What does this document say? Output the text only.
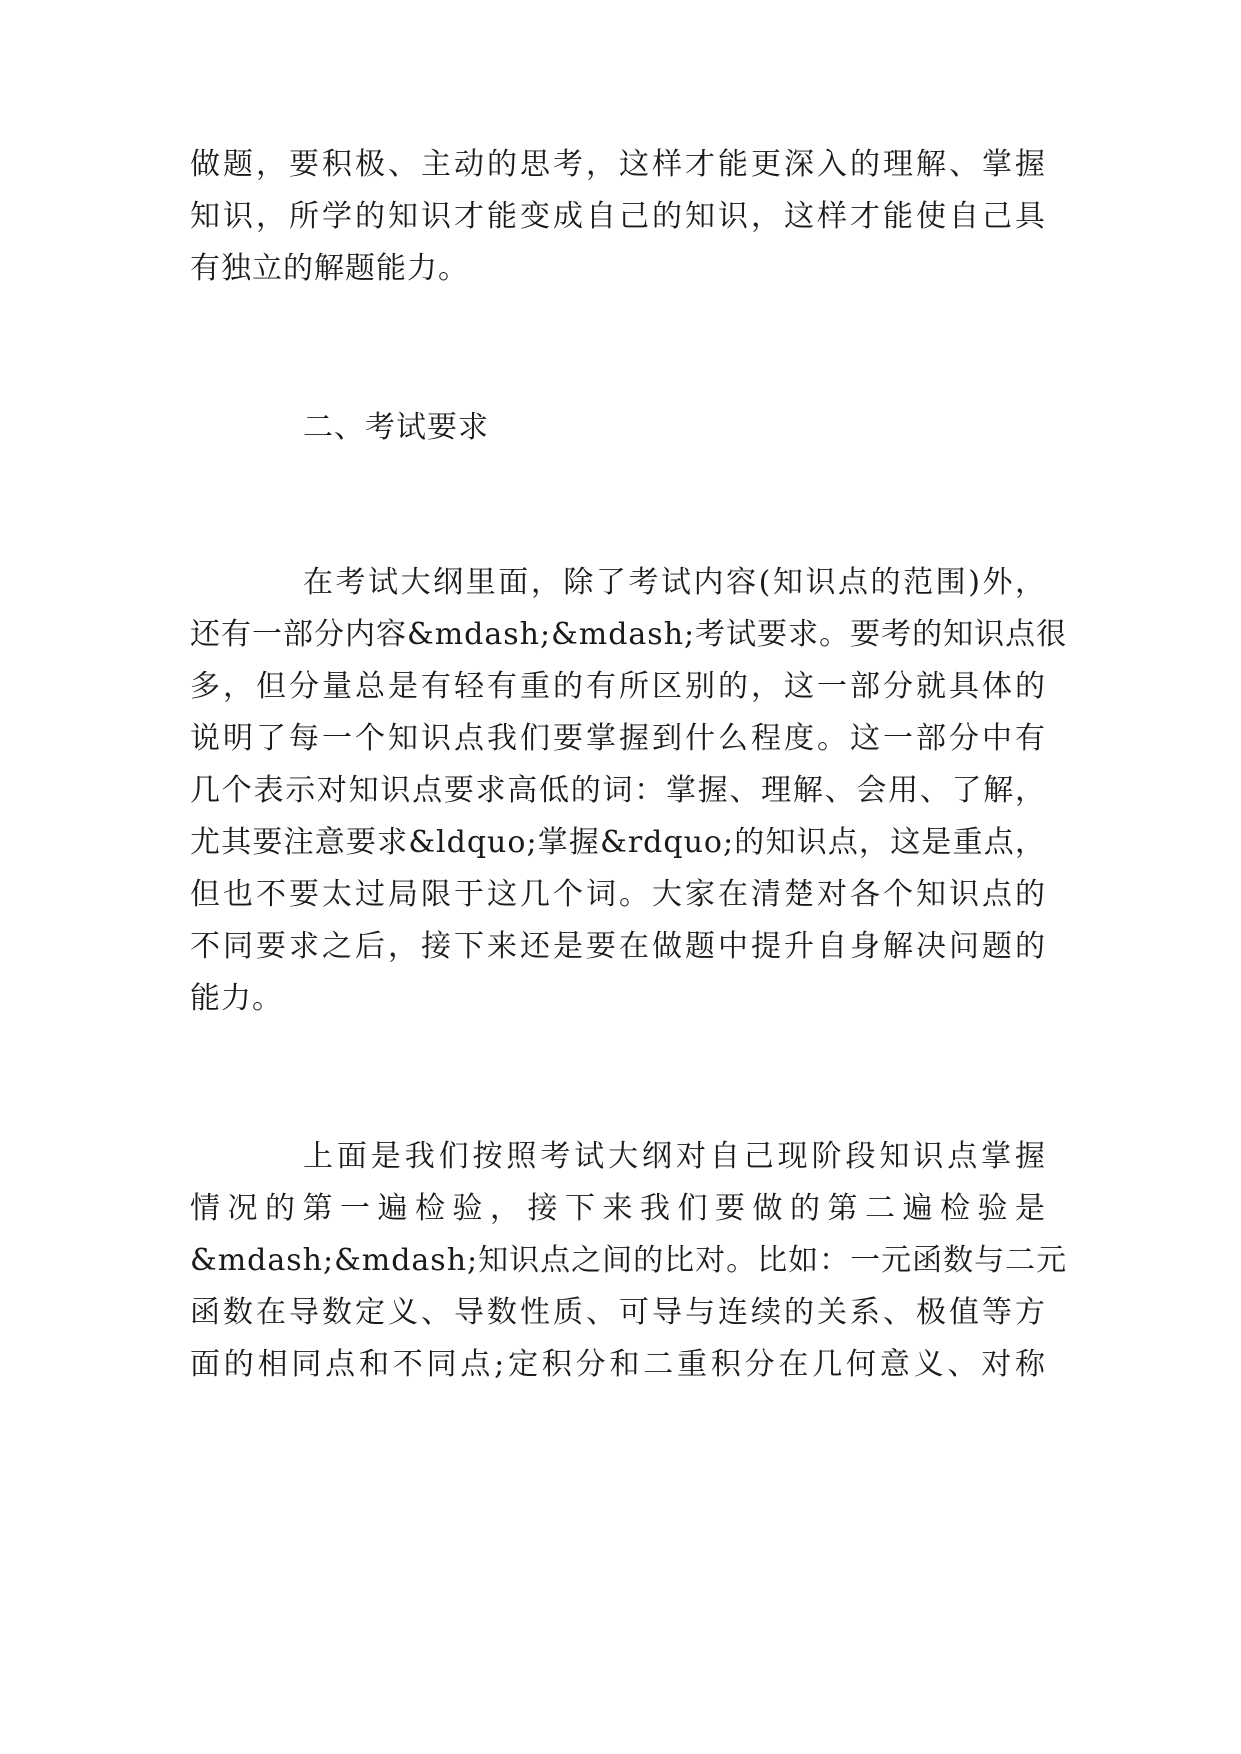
做题，要积极、主动的思考，这样才能更深入的理解、掌握
知识，所学的知识才能变成自己的知识，这样才能使自己具
有独立的解题能力。
二、考试要求
在考试大纲里面，除了考试内容(知识点的范围)外，
还有一部分内容&mdash;&mdash;考试要求。要考的知识点很
多，但分量总是有轻有重的有所区别的，这一部分就具体的
说明了每一个知识点我们要掌握到什么程度。这一部分中有
几个表示对知识点要求高低的词：掌握、理解、会用、了解，
尤其要注意要求&ldquo;掌握&rdquo;的知识点，这是重点，
但也不要太过局限于这几个词。大家在清楚对各个知识点的
不同要求之后，接下来还是要在做题中提升自身解决问题的
能力。
上面是我们按照考试大纲对自己现阶段知识点掌握
情况的第一遍检验，接下来我们要做的第二遍检验是
&mdash;&mdash;知识点之间的比对。比如：一元函数与二元
函数在导数定义、导数性质、可导与连续的关系、极值等方
面的相同点和不同点;定积分和二重积分在几何意义、对称
